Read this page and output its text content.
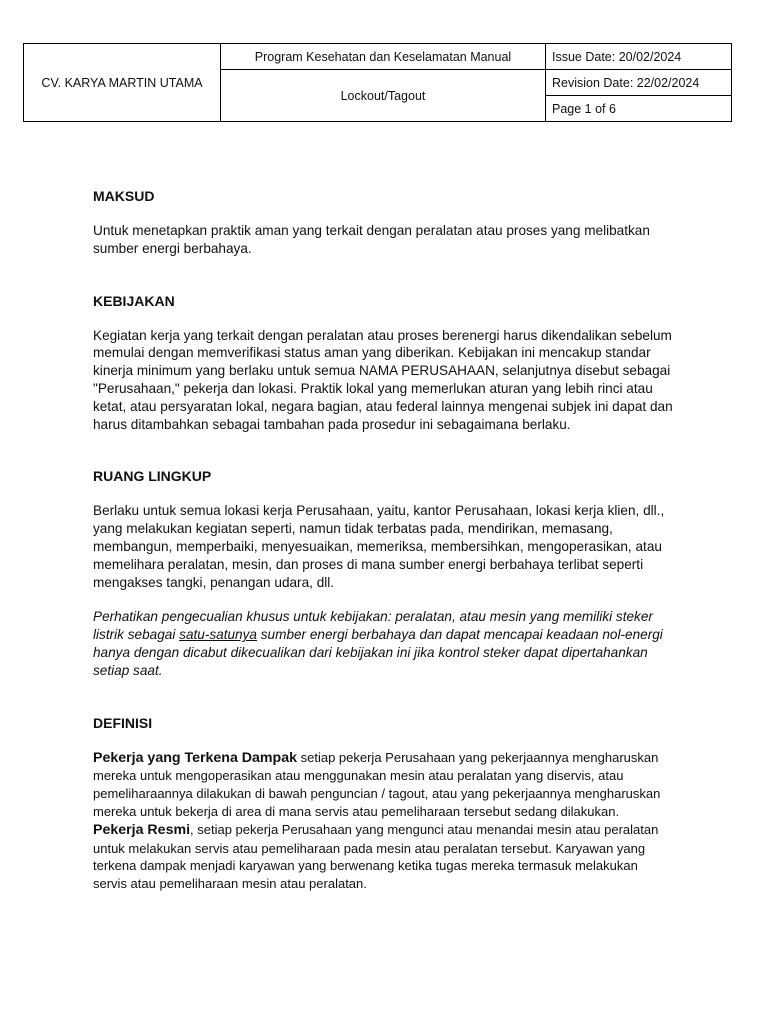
CV. KARYA MARTIN UTAMA	Program Kesehatan dan Keselamatan Manual	Issue Date: 20/02/2024
	Lockout/Tagout	Revision Date: 22/02/2024
		Page 1 of 6
MAKSUD

Untuk menetapkan praktik aman yang terkait dengan peralatan atau proses yang melibatkan sumber energi berbahaya.

KEBIJAKAN

Kegiatan kerja yang terkait dengan peralatan atau proses berenergi harus dikendalikan sebelum memulai dengan memverifikasi status aman yang diberikan. Kebijakan ini mencakup standar kinerja minimum yang berlaku untuk semua NAMA PERUSAHAAN, selanjutnya disebut sebagai "Perusahaan," pekerja dan lokasi. Praktik lokal yang memerlukan aturan yang lebih rinci atau ketat, atau persyaratan lokal, negara bagian, atau federal lainnya mengenai subjek ini dapat dan harus ditambahkan sebagai tambahan pada prosedur ini sebagaimana berlaku.

RUANG LINGKUP

Berlaku untuk semua lokasi kerja Perusahaan, yaitu, kantor Perusahaan, lokasi kerja klien, dll., yang melakukan kegiatan seperti, namun tidak terbatas pada, mendirikan, memasang, membangun, memperbaiki, menyesuaikan, memeriksa, membersihkan, mengoperasikan, atau memelihara peralatan, mesin, dan proses di mana sumber energi berbahaya terlibat seperti mengakses tangki, penangan udara, dll.

Perhatikan pengecualian khusus untuk kebijakan: peralatan, atau mesin yang memiliki steker listrik sebagai satu-satunya sumber energi berbahaya dan dapat mencapai keadaan nol-energi hanya dengan dicabut dikecualikan dari kebijakan ini jika kontrol steker dapat dipertahankan setiap saat.

DEFINISI

Pekerja yang Terkena Dampak setiap pekerja Perusahaan yang pekerjaannya mengharuskan mereka untuk mengoperasikan atau menggunakan mesin atau peralatan yang diservis, atau pemeliharaannya dilakukan di bawah penguncian / tagout, atau yang pekerjaannya mengharuskan mereka untuk bekerja di area di mana servis atau pemeliharaan tersebut sedang dilakukan.

Pekerja Resmi, setiap pekerja Perusahaan yang mengunci atau menandai mesin atau peralatan untuk melakukan servis atau pemeliharaan pada mesin atau peralatan tersebut. Karyawan yang terkena dampak menjadi karyawan yang berwenang ketika tugas mereka termasuk melakukan servis atau pemeliharaan mesin atau peralatan.
